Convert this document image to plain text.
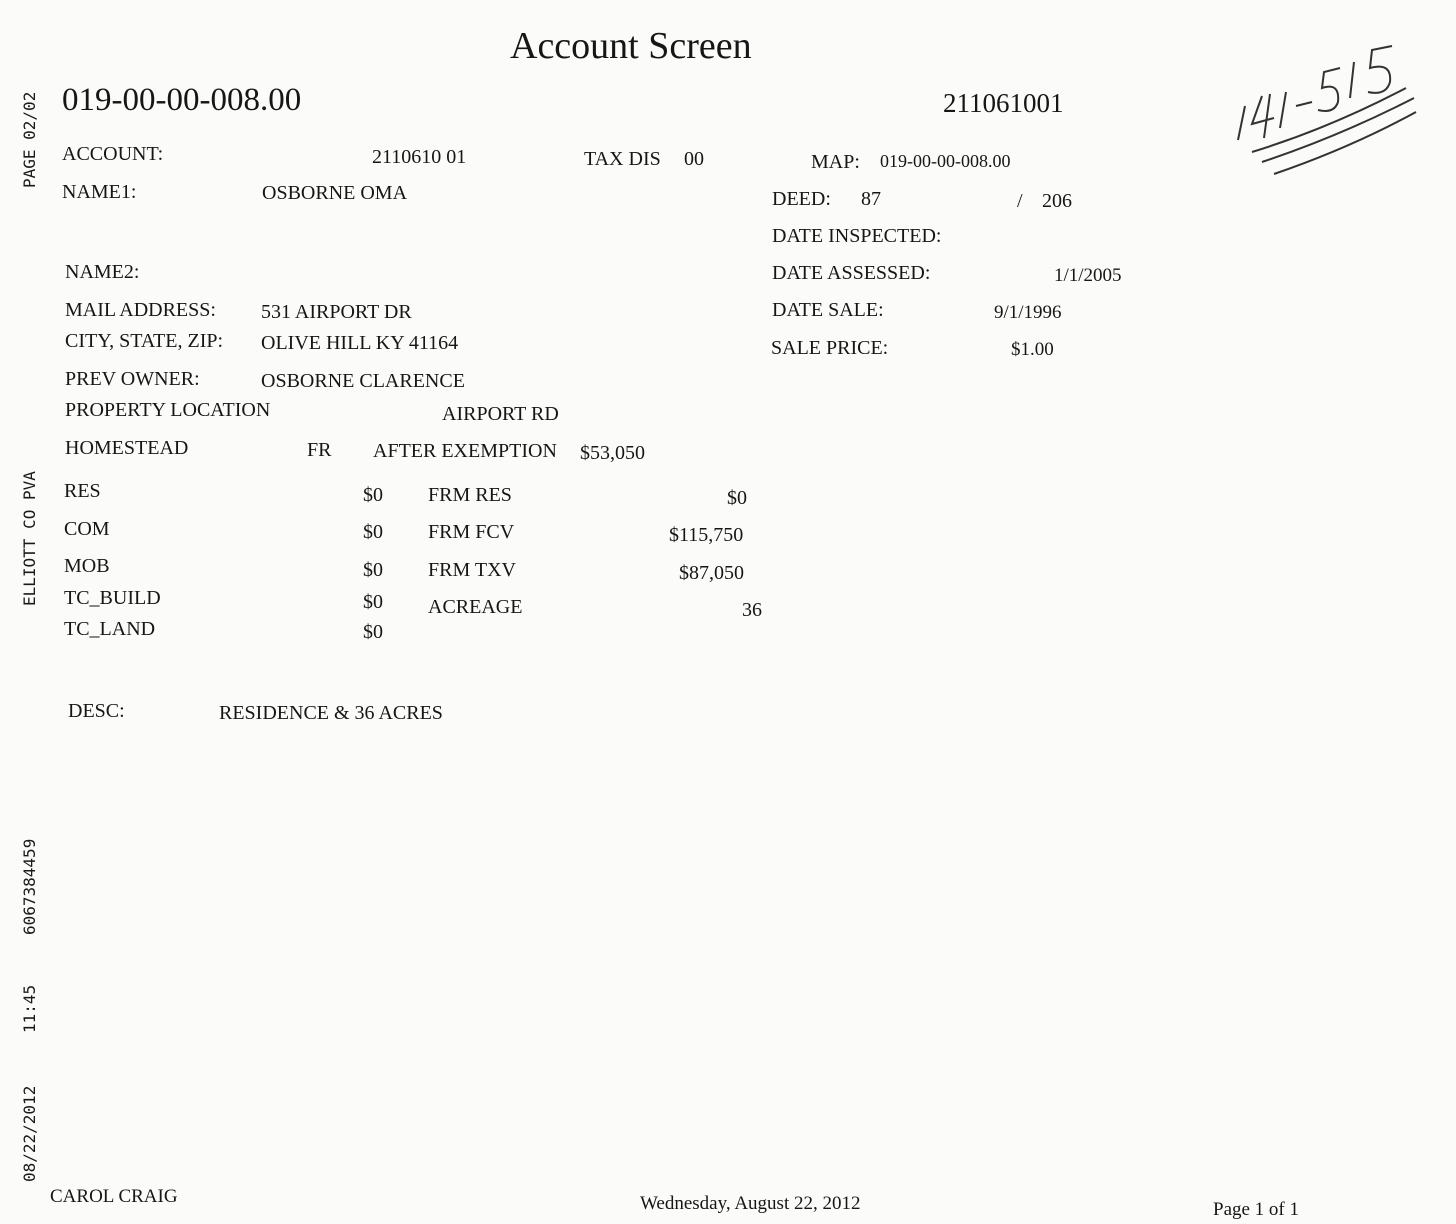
PAGE 02/02
ELLIOTT CO PVA
6067384459
11:45
08/22/2012
Account Screen
019-00-00-008.00	211061001
ACCOUNT:	2110610 01	TAX DIS 00
NAME1:	OSBORNE OMA
NAME2:
MAIL ADDRESS: 531 AIRPORT DR
CITY, STATE, ZIP: OLIVE HILL KY 41164
PREV OWNER:	OSBORNE CLARENCE
PROPERTY LOCATION	AIRPORT RD
HOMESTEAD	FR AFTER EXEMPTION $53,050
MAP: 019-00-00-008.00
DEED: 87	/ 206
DATE INSPECTED:
DATE ASSESSED:	1/1/2005
DATE SALE:	9/1/1996
SALE PRICE:	$1.00
RES	$0
COM	$0
MOB	$0
TC_BUILD	$0
TC_LAND	$0
FRM RES	$0
FRM FCV	$115,750
FRM TXV	$87,050
ACREAGE	36
DESC:	RESIDENCE & 36 ACRES
CAROL CRAIG	Wednesday, August 22, 2012	Page 1 of 1
